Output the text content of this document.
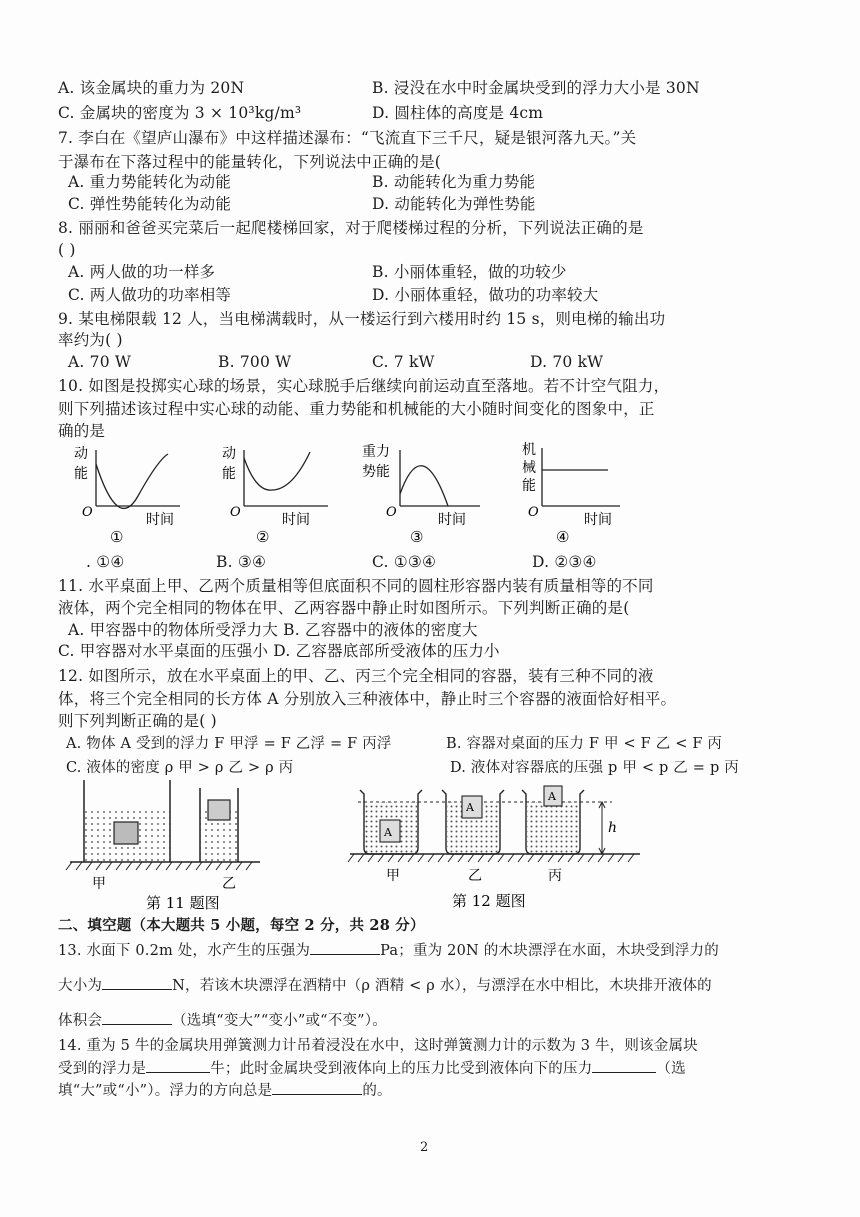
A. 该金属块的重力为 20N	B. 浸没在水中时金属块受到的浮力大小是 30N
C. 金属块的密度为 3 × 10³kg/m³	D. 圆柱体的高度是 4cm
7. 李白在《望庐山瀑布》中这样描述瀑布：“飞流直下三千尺，疑是银河落九天。”关
于瀑布在下落过程中的能量转化，下列说法中正确的是(
A. 重力势能转化为动能	B. 动能转化为重力势能
C. 弹性势能转化为动能	D. 动能转化为弹性势能
8. 丽丽和爸爸买完菜后一起爬楼梯回家，对于爬楼梯过程的分析，下列说法正确的是
( )
A. 两人做的功一样多	B. 小丽体重轻，做的功较少
C. 两人做功的功率相等	D. 小丽体重轻，做功的功率较大
9. 某电梯限载 12 人，当电梯满载时，从一楼运行到六楼用时约 15 s，则电梯的输出功
率约为( )
A. 70 W	B. 700 W	C. 7 kW	D. 70 kW
10. 如图是投掷实心球的场景，实心球脱手后继续向前运动直至落地。若不计空气阻力，
则下列描述该过程中实心球的动能、重力势能和机械能的大小随时间变化的图象中，正
确的是
动
能
O	时间
①
动
能
O	时间
②
重力
势能
O	时间
③
机
械
能
O	时间
④
. ①④	B. ③④	C. ①③④	D. ②③④
11. 水平桌面上甲、乙两个质量相等但底面积不同的圆柱形容器内装有质量相等的不同
液体，两个完全相同的物体在甲、乙两容器中静止时如图所示。下列判断正确的是(
A. 甲容器中的物体所受浮力大 B. 乙容器中的液体的密度大
C. 甲容器对水平桌面的压强小 D. 乙容器底部所受液体的压力小
12. 如图所示，放在水平桌面上的甲、乙、丙三个完全相同的容器，装有三种不同的液
体，将三个完全相同的长方体 A 分别放入三种液体中，静止时三个容器的液面恰好相平。
则下列判断正确的是( )
A. 物体 A 受到的浮力 F 甲浮 = F 乙浮 = F 丙浮	B. 容器对桌面的压力 F 甲 < F 乙 < F 丙
C. 液体的密度 ρ 甲 > ρ 乙 > ρ 丙	D. 液体对容器底的压强 p 甲 < p 乙 = p 丙
甲	乙
第 11 题图
A
A
A
h
甲	乙	丙
第 12 题图
二、填空题（本大题共 5 小题，每空 2 分，共 28 分）
13. 水面下 0.2m 处，水产生的压强为	Pa；重为 20N 的木块漂浮在水面，木块受到浮力的
大小为	N，若该木块漂浮在酒精中（ρ 酒精 < ρ 水），与漂浮在水中相比，木块排开液体的
体积会	（选填“变大”“变小”或“不变”）。
14. 重为 5 牛的金属块用弹簧测力计吊着浸没在水中，这时弹簧测力计的示数为 3 牛，则该金属块
受到的浮力是	牛；此时金属块受到液体向上的压力比受到液体向下的压力	（选
填“大”或“小”）。浮力的方向总是	的。
2
